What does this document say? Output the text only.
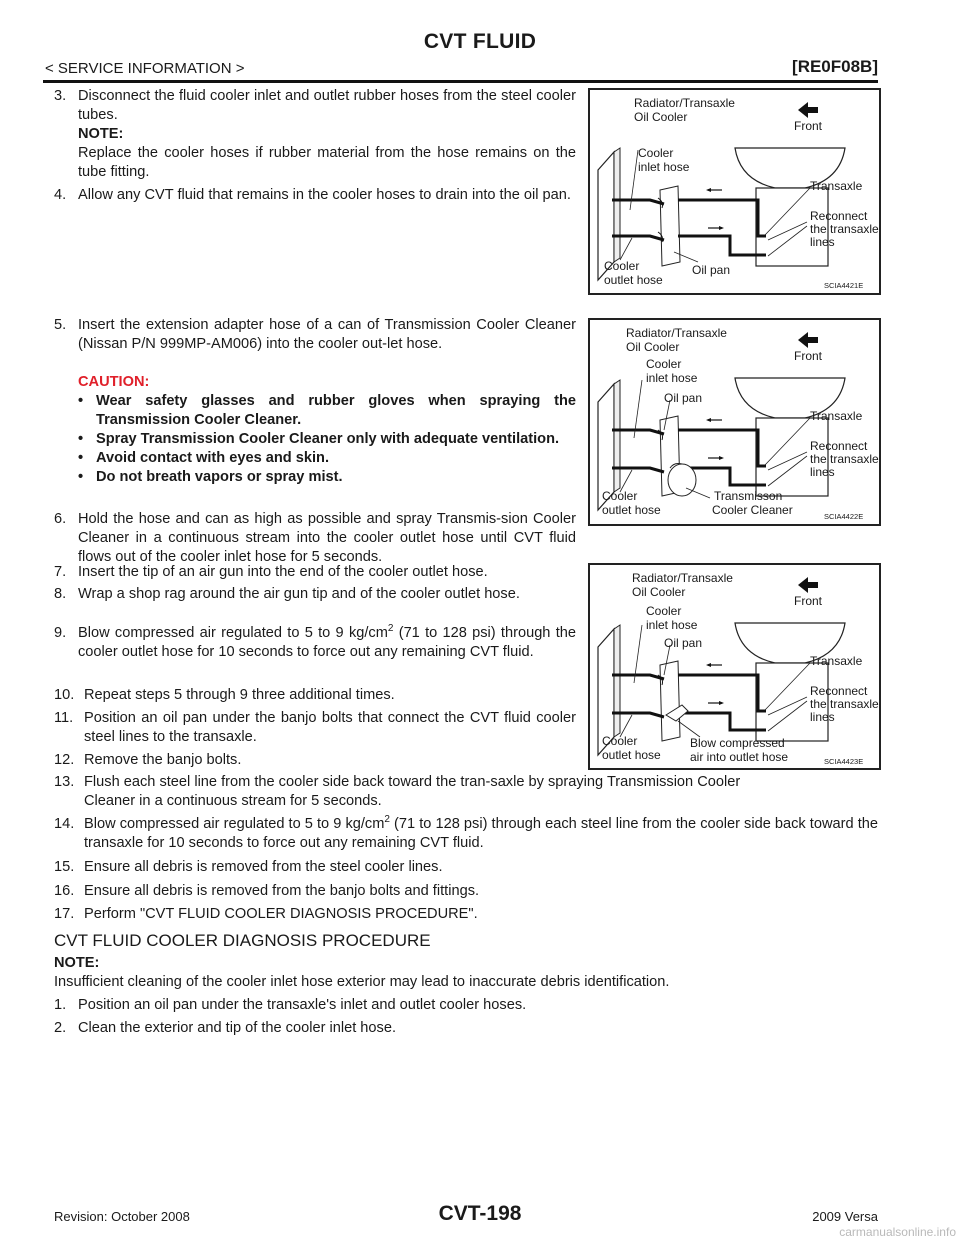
CVT FLUID
< SERVICE INFORMATION >	[RE0F08B]
3. Disconnect the fluid cooler inlet and outlet rubber hoses from the steel cooler tubes.
NOTE:
Replace the cooler hoses if rubber material from the hose remains on the tube fitting.
4. Allow any CVT fluid that remains in the cooler hoses to drain into the oil pan.
5. Insert the extension adapter hose of a can of Transmission Cooler Cleaner (Nissan P/N 999MP-AM006) into the cooler out-let hose.
CAUTION:
• Wear safety glasses and rubber gloves when spraying the Transmission Cooler Cleaner.
• Spray Transmission Cooler Cleaner only with adequate ventilation.
• Avoid contact with eyes and skin.
• Do not breath vapors or spray mist.
6. Hold the hose and can as high as possible and spray Transmis-sion Cooler Cleaner in a continuous stream into the cooler outlet hose until CVT fluid flows out of the cooler inlet hose for 5 seconds.
7. Insert the tip of an air gun into the end of the cooler outlet hose.
8. Wrap a shop rag around the air gun tip and of the cooler outlet hose.
9. Blow compressed air regulated to 5 to 9 $kg/cm^2$ (71 to 128 psi) through the cooler outlet hose for 10 seconds to force out any remaining CVT fluid.
10. Repeat steps 5 through 9 three additional times.
11. Position an oil pan under the banjo bolts that connect the CVT fluid cooler steel lines to the transaxle.
12. Remove the banjo bolts.
13. Flush each steel line from the cooler side back toward the tran-saxle by spraying Transmission Cooler Cleaner in a continuous stream for 5 seconds.
14. Blow compressed air regulated to 5 to 9 $kg/cm^2$ (71 to 128 psi) through each steel line from the cooler side back toward the transaxle for 10 seconds to force out any remaining CVT fluid.
15. Ensure all debris is removed from the steel cooler lines.
16. Ensure all debris is removed from the banjo bolts and fittings.
17. Perform "CVT FLUID COOLER DIAGNOSIS PROCEDURE".
CVT FLUID COOLER DIAGNOSIS PROCEDURE
NOTE:
Insufficient cleaning of the cooler inlet hose exterior may lead to inaccurate debris identification.
1. Position an oil pan under the transaxle's inlet and outlet cooler hoses.
2. Clean the exterior and tip of the cooler inlet hose.
Radiator/Transaxle
Oil Cooler
Front
Cooler
inlet hose
Transaxle
Reconnect
the transaxle
lines
Cooler
outlet hose
Oil pan
SCIA4421E
Radiator/Transaxle
Oil Cooler
Front
Cooler
inlet hose
Oil pan
Transaxle
Reconnect
the transaxle
lines
Cooler
outlet hose
Transmisson
Cooler Cleaner	SCIA4422E
Radiator/Transaxle
Oil Cooler
Front
Cooler
inlet hose
Oil pan
Transaxle
Reconnect
the transaxle
lines
Cooler
outlet hose
Blow compressed
air into outlet hose	SCIA4423E
Revision: October 2008	CVT-198	2009 Versa
carmanualsonline.info
